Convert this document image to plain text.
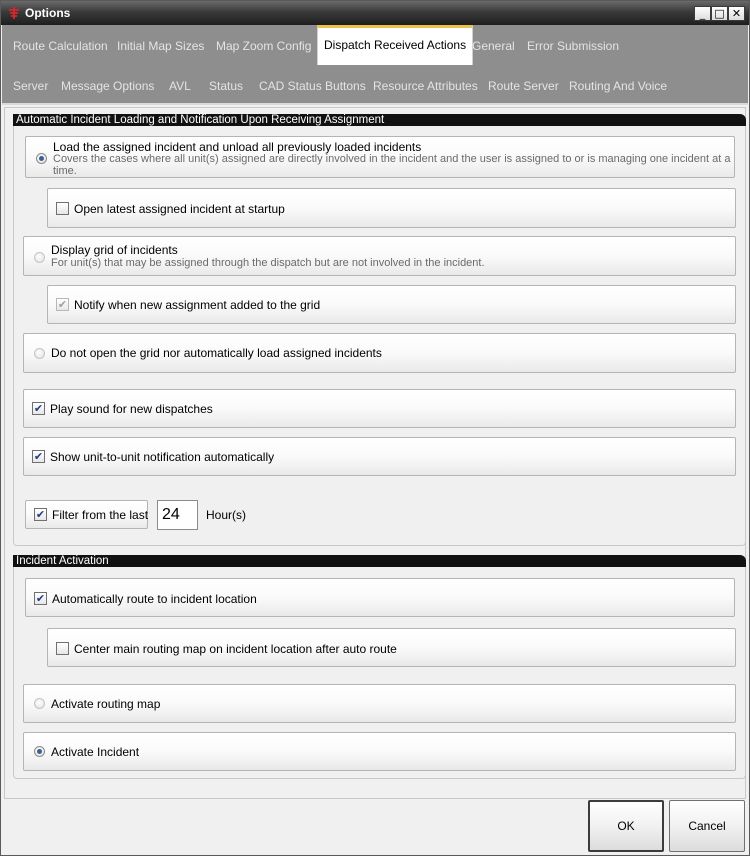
Options	_ □ ✕
Route Calculation Initial Map Sizes Map Zoom Config	Dispatch Received Actions General	Error Submission
Server	Message Options	AVL	Status	CAD Status Buttons Resource Attributes Route Server Routing And Voice
Automatic Incident Loading and Notification Upon Receiving Assignment
Load the assigned incident and unload all previously loaded incidents
Covers the cases where all unit(s) assigned are directly involved in the incident and the user is assigned to or is managing one incident at a time.
Open latest assigned incident at startup
Display grid of incidents
For unit(s) that may be assigned through the dispatch but are not involved in the incident.
✔ Notify when new assignment added to the grid
Do not open the grid nor automatically load assigned incidents
✔ Play sound for new dispatches
✔ Show unit-to-unit notification automatically
✔ Filter from the last 24	Hour(s)
Incident Activation
✔ Automatically route to incident location
Center main routing map on incident location after auto route
Activate routing map
Activate Incident
OK	Cancel
